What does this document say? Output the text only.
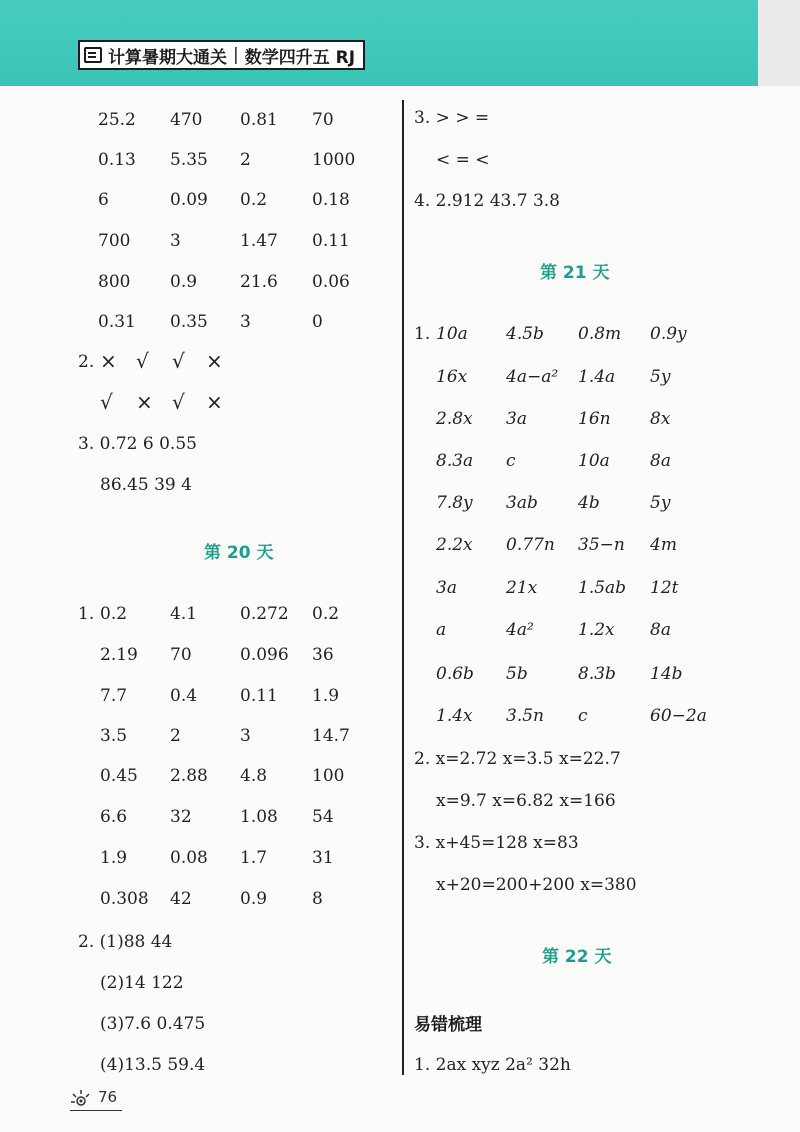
计算暑期大通关 | 数学四升五 RJ
25.2 470 0.81 70
0.13 5.35 2	1000
6	0.09 0.2	0.18
700 3	1.47 0.11
800 0.9	21.6 0.06
0.31 0.35 3	0
2. × √ √ ×
√ × √ ×
3. 0.72 6 0.55
86.45 39 4
第 20 天
1. 0.2	4.1	0.272 0.2
2.19 70	0.096 36
7.7	0.4	0.11 1.9
3.5	2	3	14.7
0.45 2.88 4.8	100
6.6	32	1.08 54
1.9	0.08 1.7	31
0.308 42	0.9	8
2. (1)88 44
(2)14 122
(3)7.6 0.475
(4)13.5 59.4
3. > > =
< = <
4. 2.912 43.7 3.8
第 21 天
1. 10a 4.5b 0.8m 0.9y
16x 4a−a² 1.4a 5y
2.8x 3a	16n 8x
8.3a c	10a 8a
7.8y 3ab 4b	5y
2.2x 0.77n 35−n 4m
3a	21x 1.5ab 12t
a	4a²	1.2x 8a
0.6b 5b	8.3b 14b
1.4x 3.5n c	60−2a
2. x=2.72 x=3.5 x=22.7
x=9.7 x=6.82 x=166
3. x+45=128 x=83
x+20=200+200 x=380
第 22 天
易错梳理
1. 2ax xyz 2a² 32h
76
